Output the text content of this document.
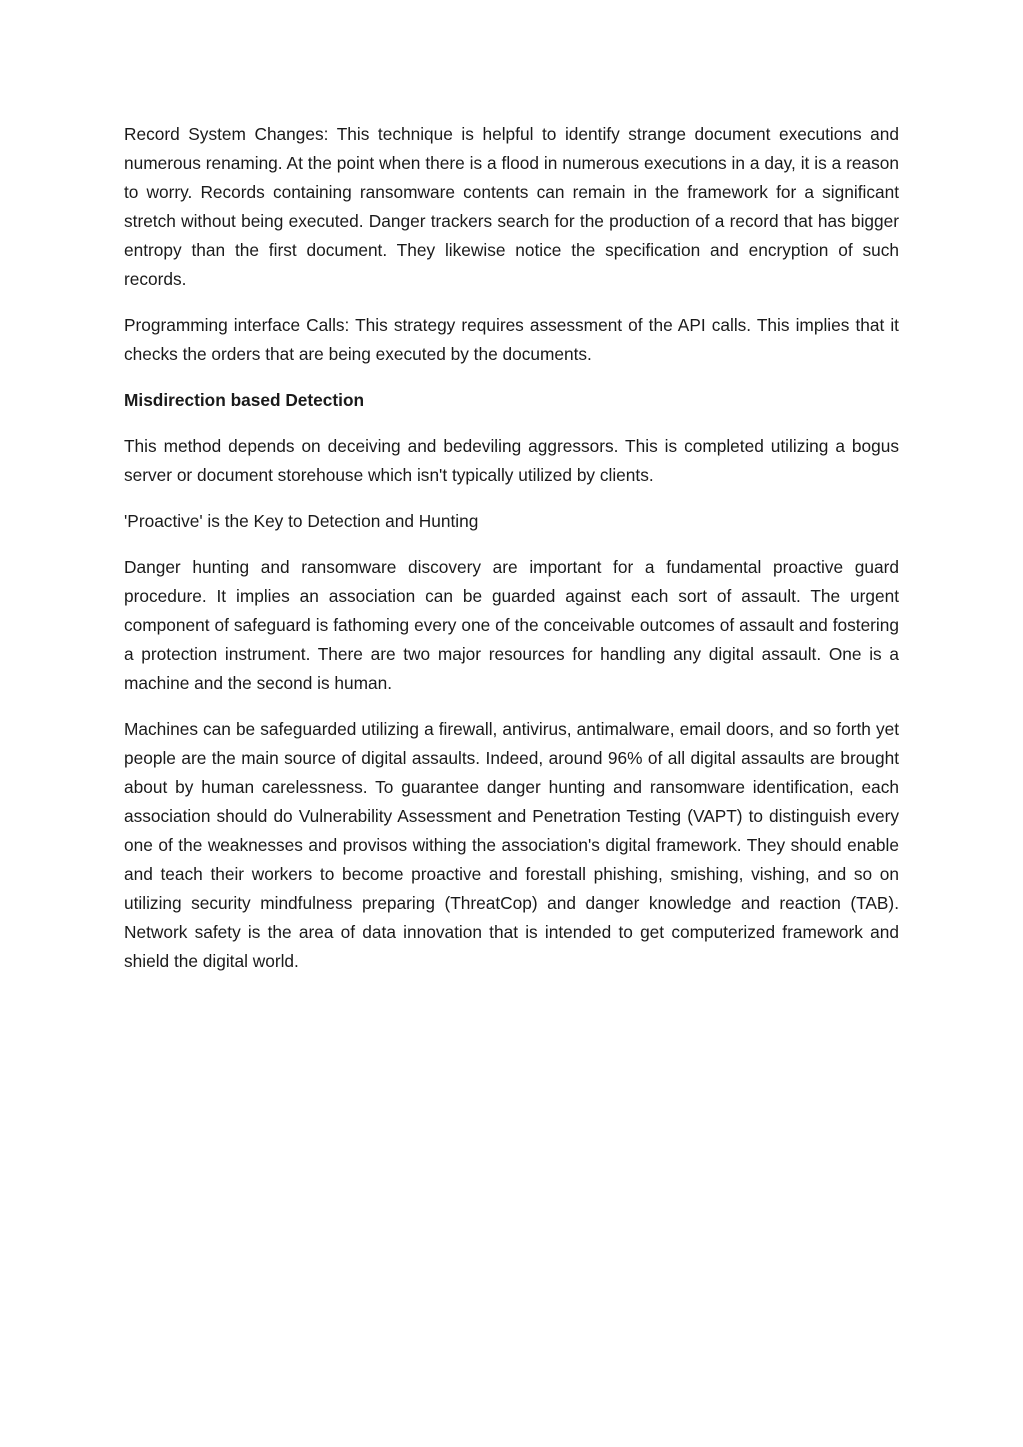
Record System Changes: This technique is helpful to identify strange document executions and numerous renaming. At the point when there is a flood in numerous executions in a day, it is a reason to worry. Records containing ransomware contents can remain in the framework for a significant stretch without being executed. Danger trackers search for the production of a record that has bigger entropy than the first document. They likewise notice the specification and encryption of such records.

Programming interface Calls: This strategy requires assessment of the API calls. This implies that it checks the orders that are being executed by the documents.

Misdirection based Detection

This method depends on deceiving and bedeviling aggressors. This is completed utilizing a bogus server or document storehouse which isn't typically utilized by clients.

'Proactive' is the Key to Detection and Hunting

Danger hunting and ransomware discovery are important for a fundamental proactive guard procedure. It implies an association can be guarded against each sort of assault. The urgent component of safeguard is fathoming every one of the conceivable outcomes of assault and fostering a protection instrument. There are two major resources for handling any digital assault. One is a machine and the second is human.

Machines can be safeguarded utilizing a firewall, antivirus, antimalware, email doors, and so forth yet people are the main source of digital assaults. Indeed, around 96% of all digital assaults are brought about by human carelessness. To guarantee danger hunting and ransomware identification, each association should do Vulnerability Assessment and Penetration Testing (VAPT) to distinguish every one of the weaknesses and provisos withing the association's digital framework. They should enable and teach their workers to become proactive and forestall phishing, smishing, vishing, and so on utilizing security mindfulness preparing (ThreatCop) and danger knowledge and reaction (TAB). Network safety is the area of data innovation that is intended to get computerized framework and shield the digital world.
